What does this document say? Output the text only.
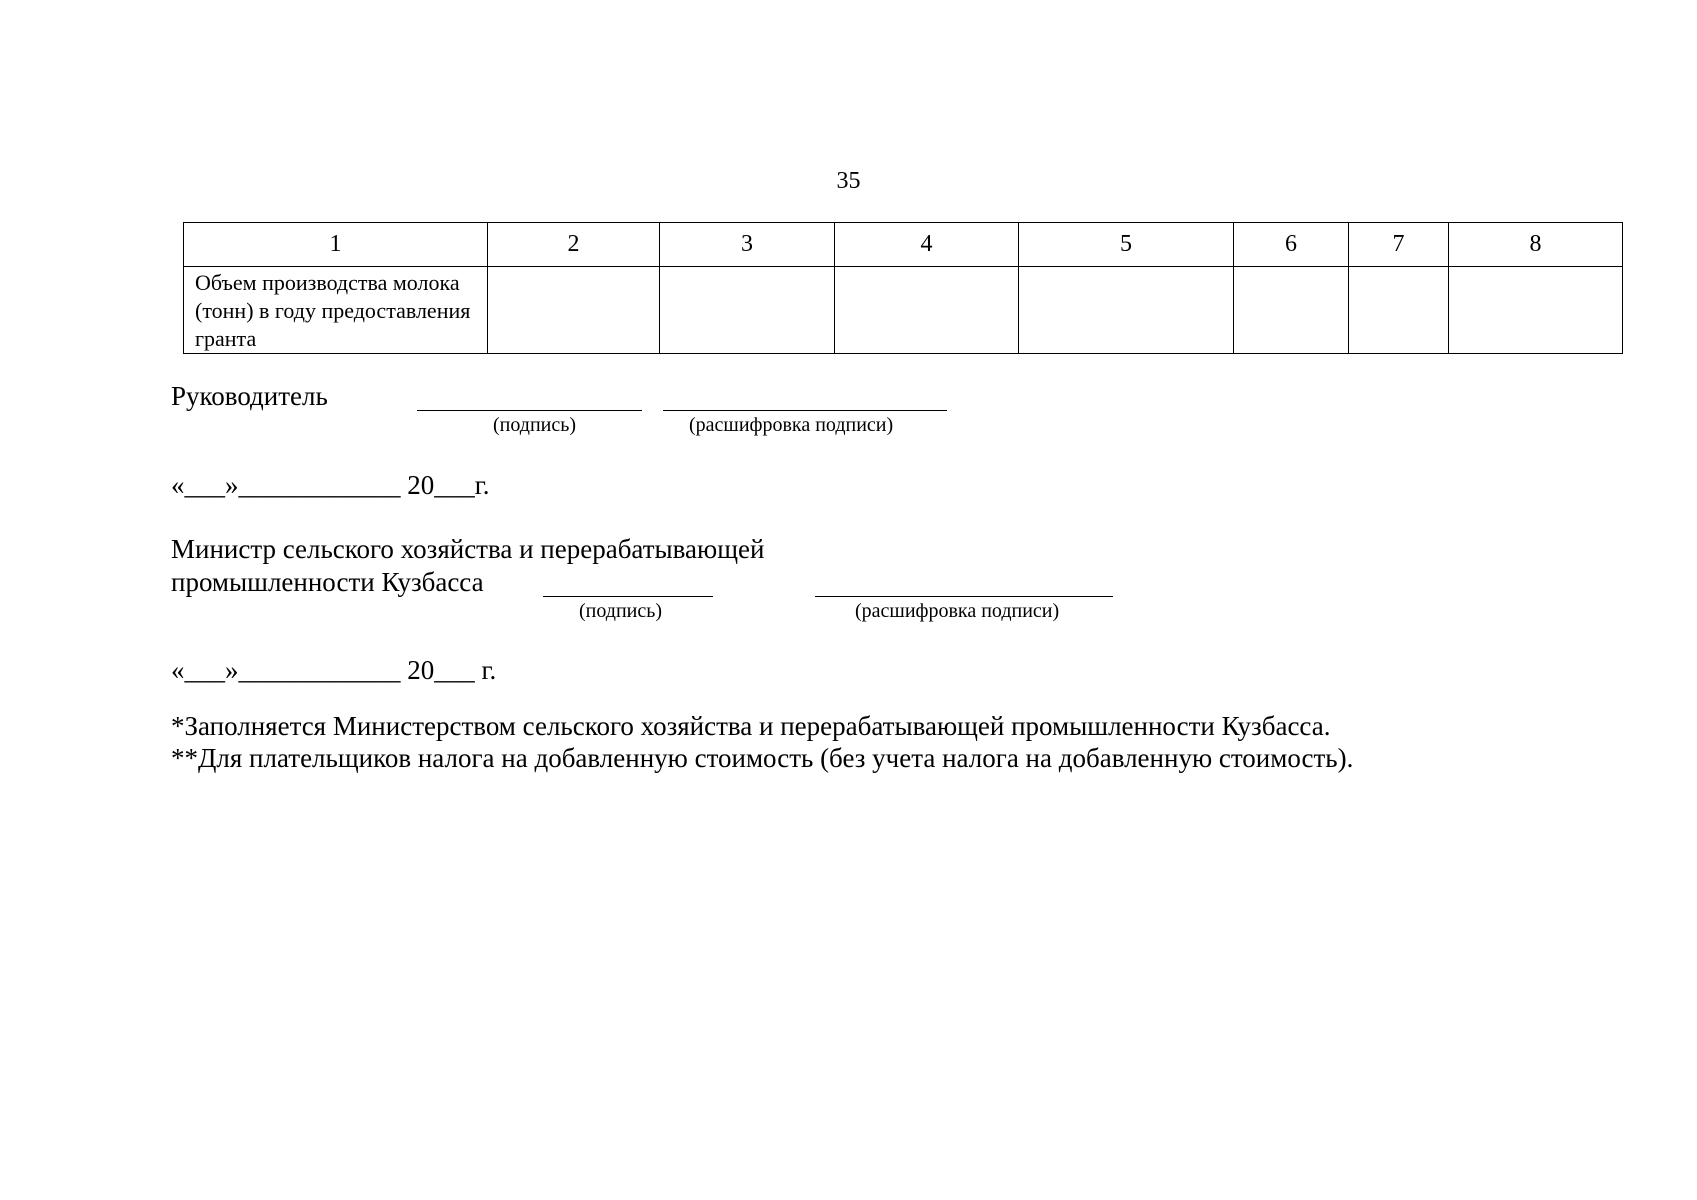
35
1	2	3	4	5	6	7	8
Объем производства молока (тонн) в году предоставления гранта							
Руководитель
(подпись)	(расшифровка подписи)
«___»____________ 20___г.
Министр сельского хозяйства и перерабатывающей
промышленности Кузбасса
(подпись)	(расшифровка подписи)
«___»____________ 20___ г.
*Заполняется Министерством сельского хозяйства и перерабатывающей промышленности Кузбасса.
**Для плательщиков налога на добавленную стоимость (без учета налога на добавленную стоимость).
